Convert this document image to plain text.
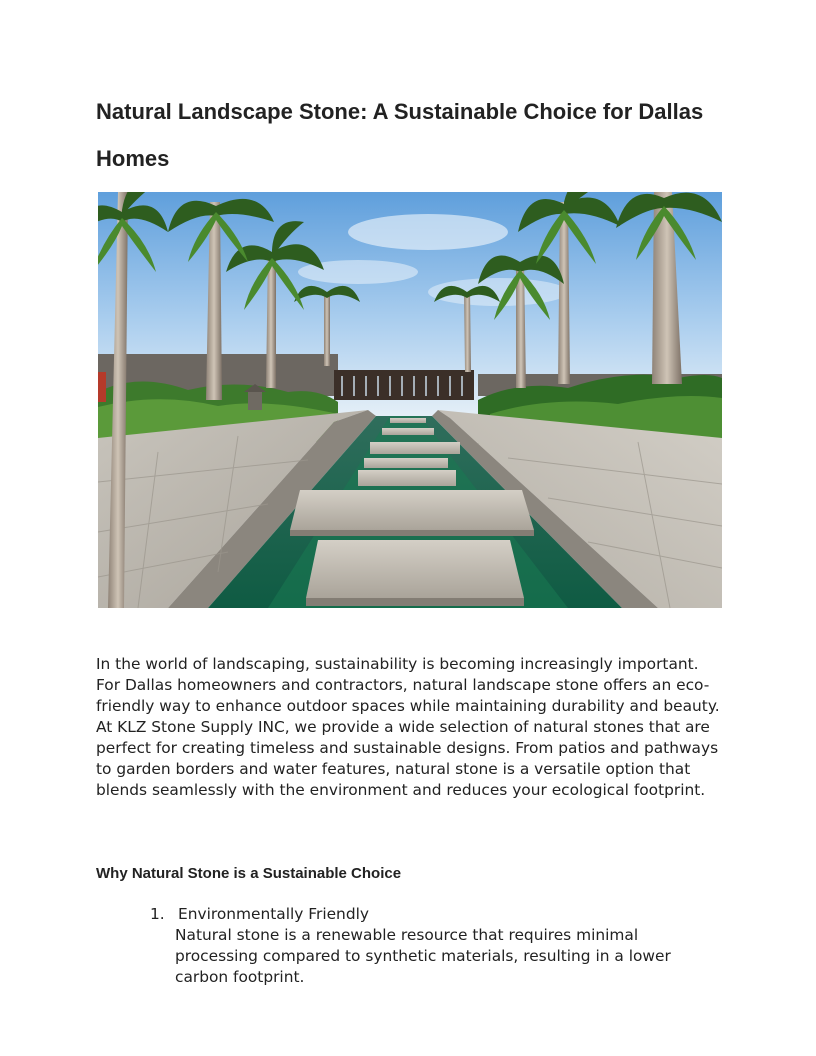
Natural Landscape Stone: A Sustainable Choice for Dallas Homes

In the world of landscaping, sustainability is becoming increasingly important. For Dallas homeowners and contractors, natural landscape stone offers an eco-friendly way to enhance outdoor spaces while maintaining durability and beauty. At KLZ Stone Supply INC, we provide a wide selection of natural stones that are perfect for creating timeless and sustainable designs. From patios and pathways to garden borders and water features, natural stone is a versatile option that blends seamlessly with the environment and reduces your ecological footprint.

Why Natural Stone is a Sustainable Choice
1. Environmentally Friendly
Natural stone is a renewable resource that requires minimal processing compared to synthetic materials, resulting in a lower carbon footprint.
